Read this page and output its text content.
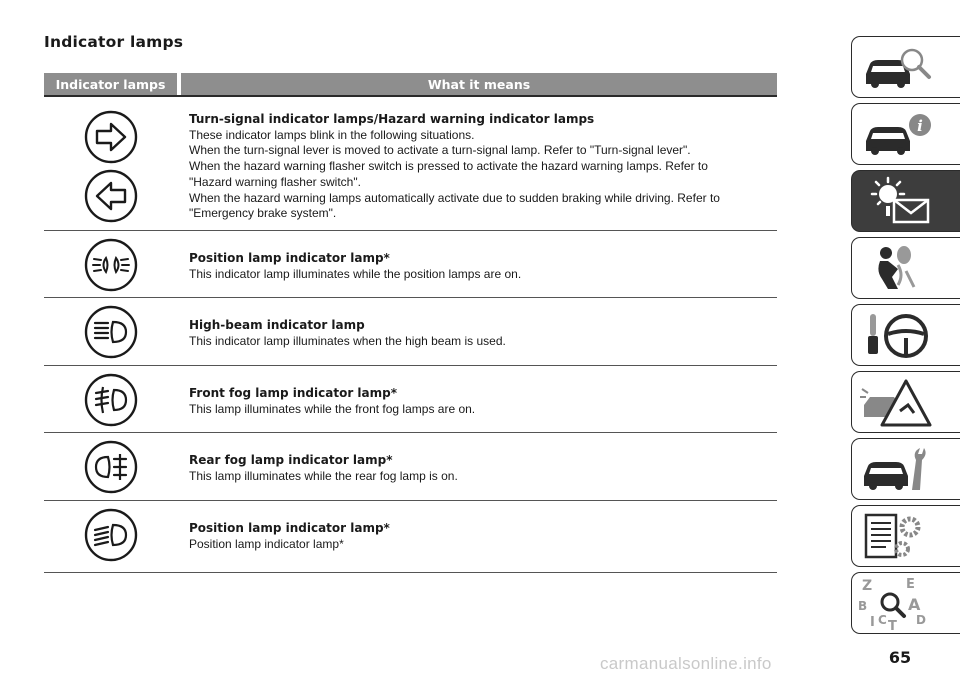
Indicator lamps
Indicator lamps	What it means
Turn-signal indicator lamps/Hazard warning indicator lamps
These indicator lamps blink in the following situations.
When the turn-signal lever is moved to activate a turn-signal lamp. Refer to "Turn-signal lever".
When the hazard warning flasher switch is pressed to activate the hazard warning lamps. Refer to
"Hazard warning flasher switch".
When the hazard warning lamps automatically activate due to sudden braking while driving. Refer to
"Emergency brake system".
Position lamp indicator lamp*
This indicator lamp illuminates while the position lamps are on.
High-beam indicator lamp
This indicator lamp illuminates when the high beam is used.
Front fog lamp indicator lamp*
This lamp illuminates while the front fog lamps are on.
Rear fog lamp indicator lamp*
This lamp illuminates while the rear fog lamp is on.
Position lamp indicator lamp*
Position lamp indicator lamp*
i
Z	E
B	A
I C T D
65
carmanualsonline.info
